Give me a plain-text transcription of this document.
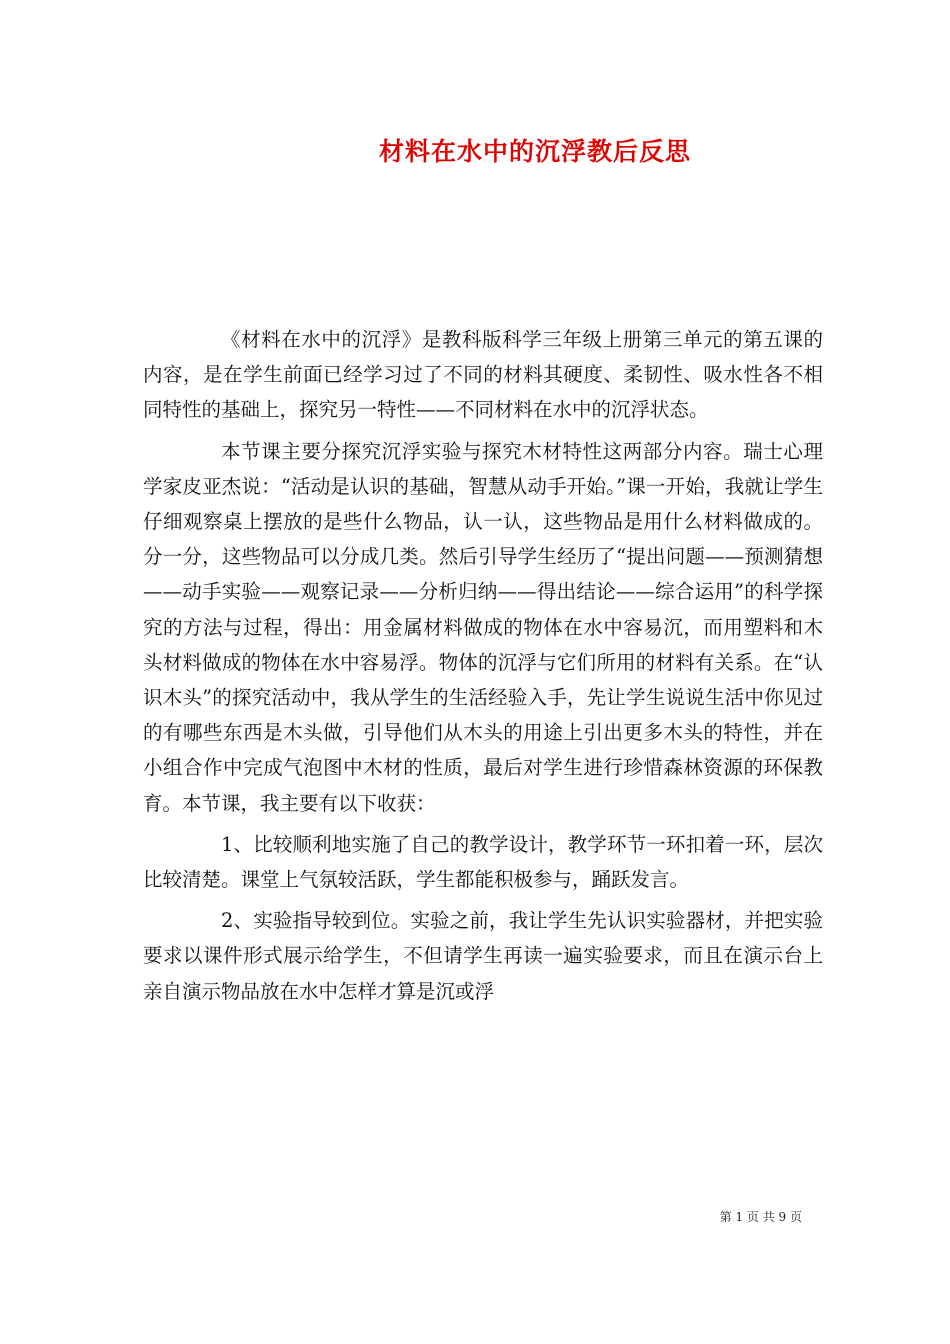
材料在水中的沉浮教后反思

《材料在水中的沉浮》是教科版科学三年级上册第三单元的第五课的内容，是在学生前面已经学习过了不同的材料其硬度、柔韧性、吸水性各不相同特性的基础上，探究另一特性——不同材料在水中的沉浮状态。

本节课主要分探究沉浮实验与探究木材特性这两部分内容。瑞士心理学家皮亚杰说：“活动是认识的基础，智慧从动手开始。”课一开始，我就让学生仔细观察桌上摆放的是些什么物品，认一认，这些物品是用什么材料做成的。分一分，这些物品可以分成几类。然后引导学生经历了“提出问题——预测猜想——动手实验——观察记录——分析归纳——得出结论——综合运用”的科学探究的方法与过程，得出：用金属材料做成的物体在水中容易沉，而用塑料和木头材料做成的物体在水中容易浮。物体的沉浮与它们所用的材料有关系。在“认识木头”的探究活动中，我从学生的生活经验入手，先让学生说说生活中你见过的有哪些东西是木头做，引导他们从木头的用途上引出更多木头的特性，并在小组合作中完成气泡图中木材的性质，最后对学生进行珍惜森林资源的环保教育。本节课，我主要有以下收获：

1、比较顺利地实施了自己的教学设计，教学环节一环扣着一环，层次比较清楚。课堂上气氛较活跃，学生都能积极参与，踊跃发言。

2、实验指导较到位。实验之前，我让学生先认识实验器材，并把实验要求以课件形式展示给学生，不但请学生再读一遍实验要求，而且在演示台上亲自演示物品放在水中怎样才算是沉或浮

第 1 页 共 9 页
